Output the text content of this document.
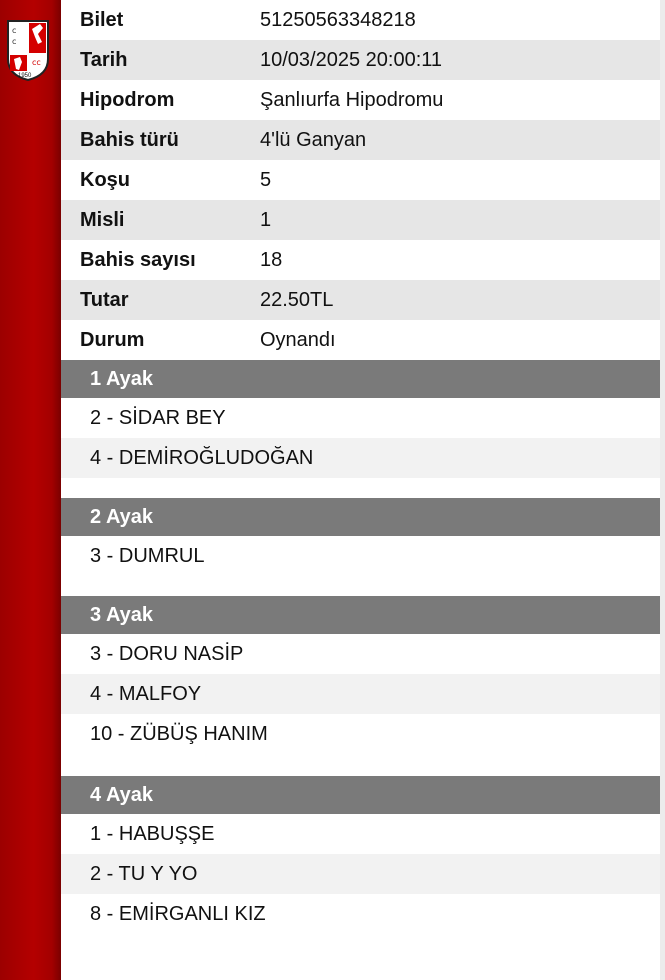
c
c
cc
1950
Bilet	51250563348218
Tarih	10/03/2025 20:00:11
Hipodrom	Şanlıurfa Hipodromu
Bahis türü	4'lü Ganyan
Koşu	5
Misli	1
Bahis sayısı	18
Tutar	22.50TL
Durum	Oynandı
1 Ayak
2 - SİDAR BEY
4 - DEMİROĞLUDOĞAN
2 Ayak
3 - DUMRUL
3 Ayak
3 - DORU NASİP
4 - MALFOY
10 - ZÜBÜŞ HANIM
4 Ayak
1 - HABUŞŞE
2 - TU Y YO
8 - EMİRGANLI KIZ
